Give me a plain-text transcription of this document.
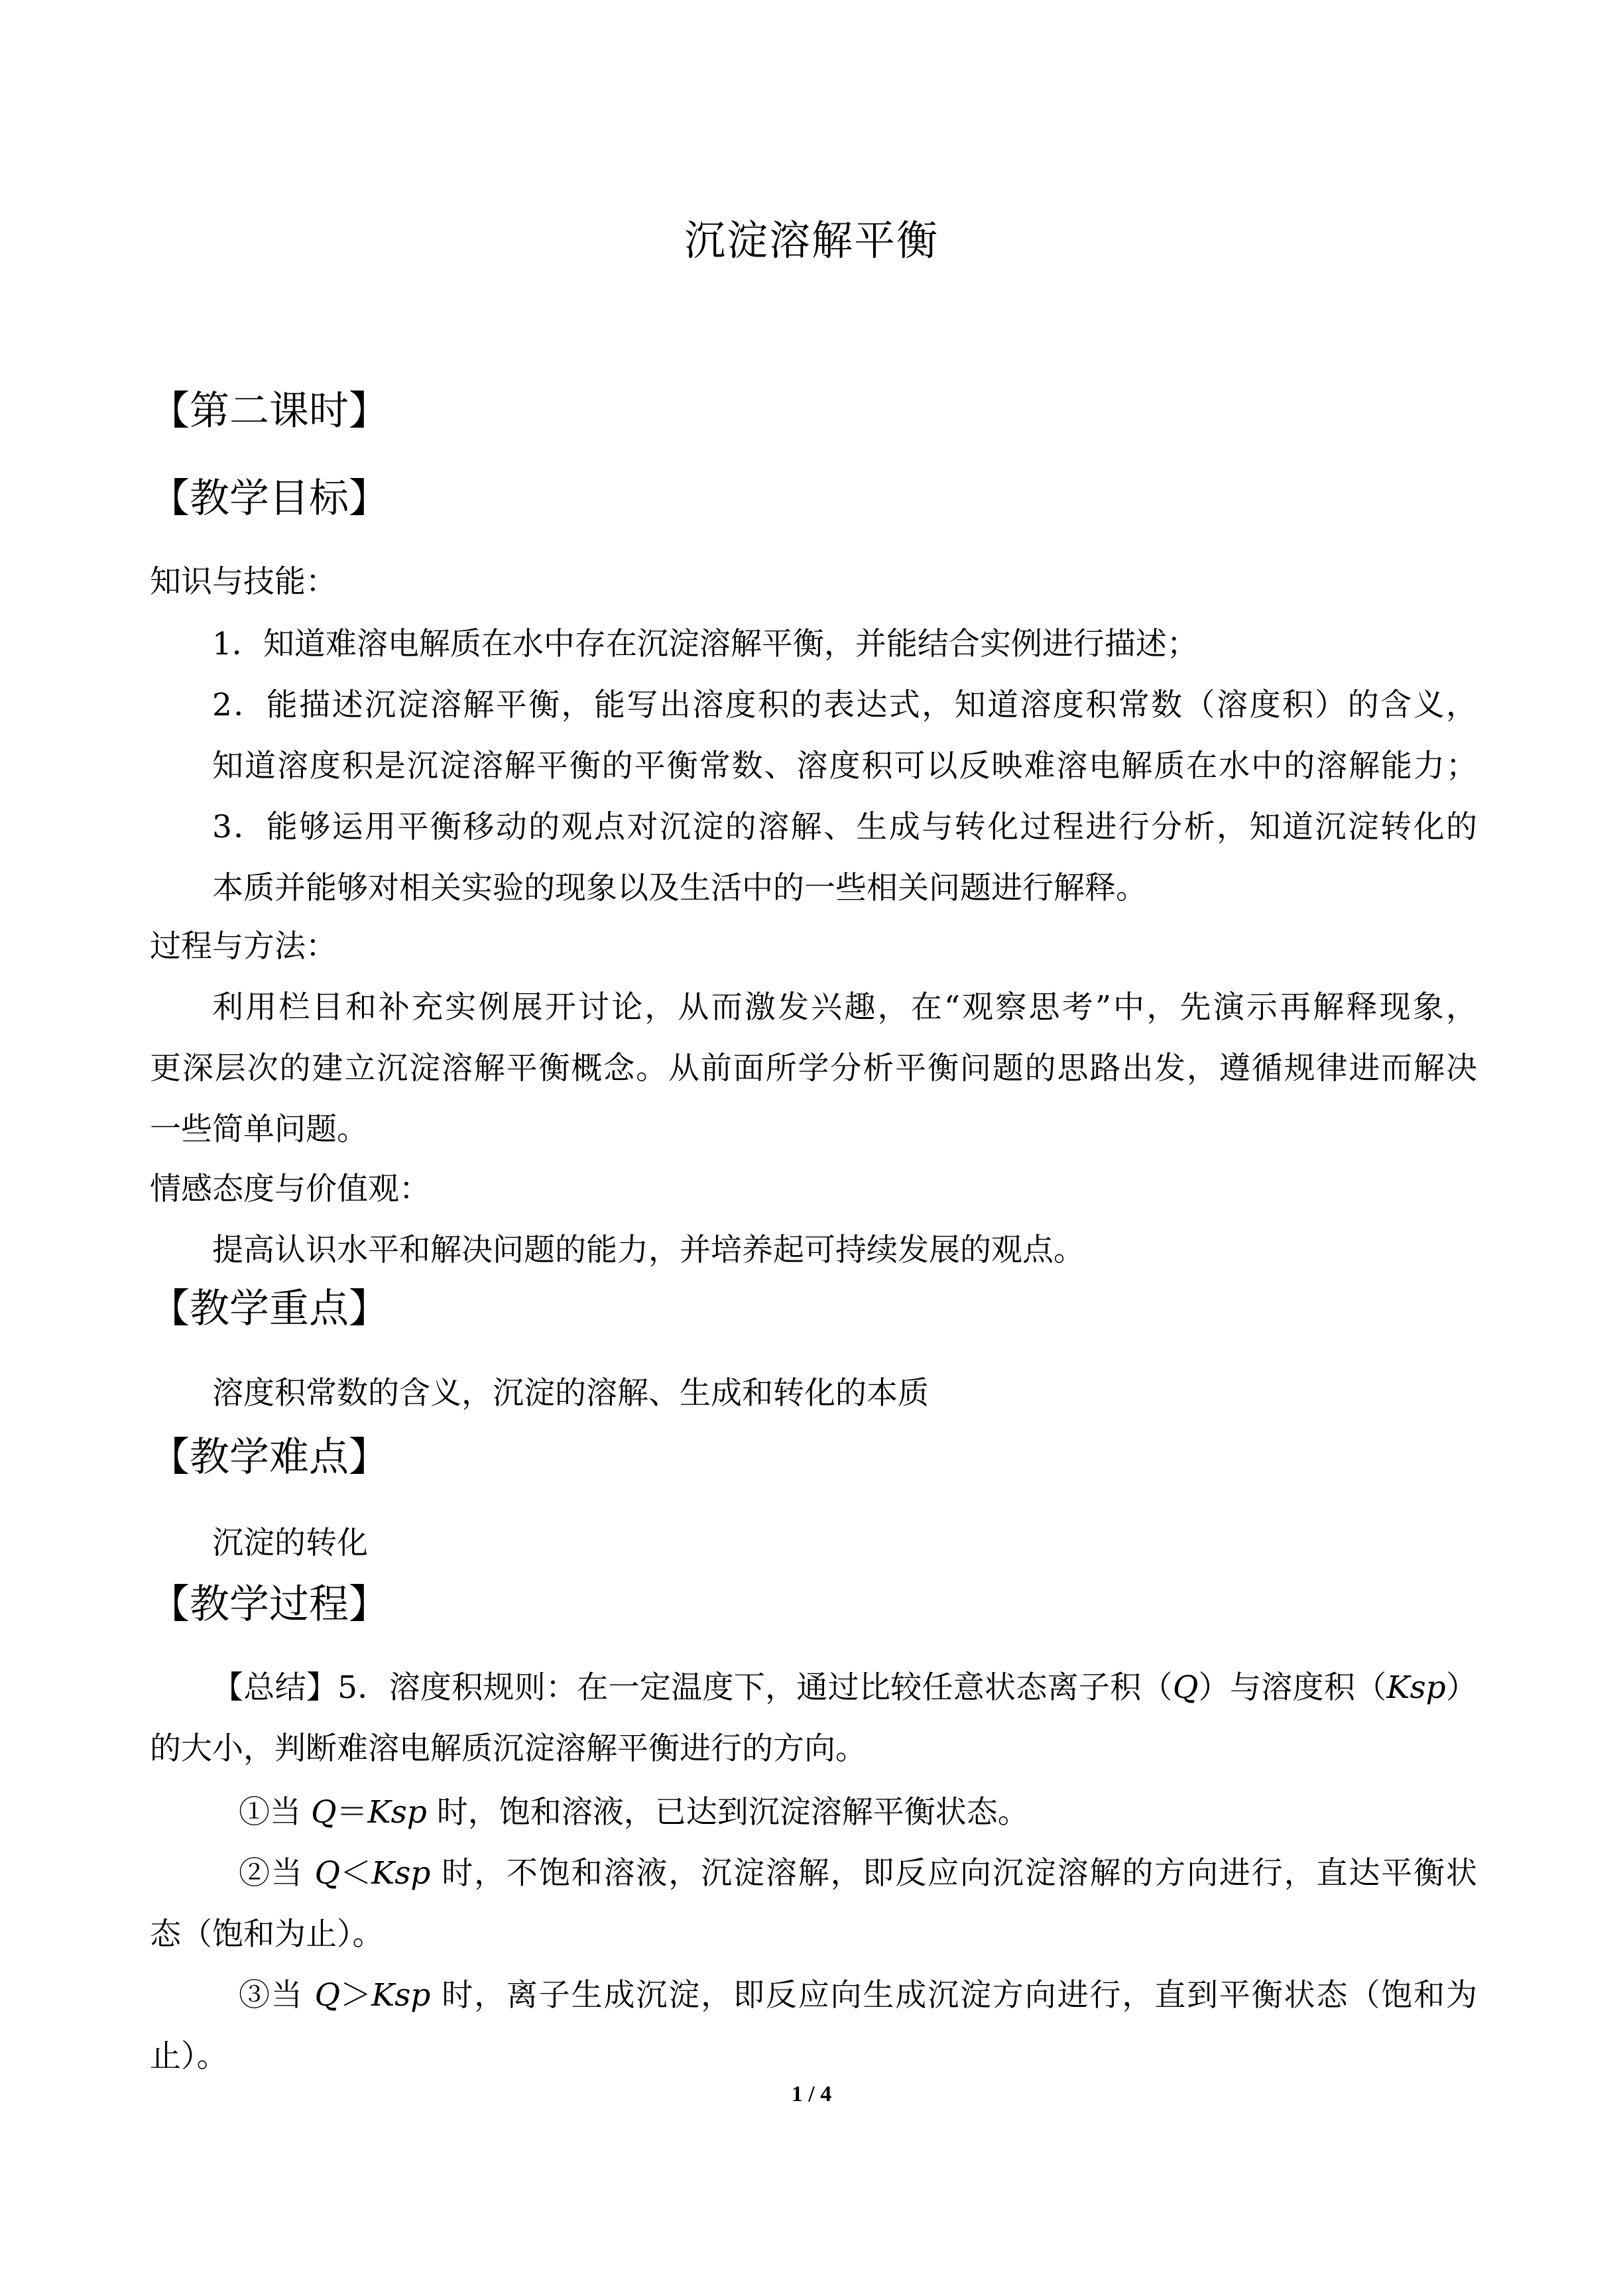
沉淀溶解平衡
【第二课时】
【教学目标】
知识与技能：
1．知道难溶电解质在水中存在沉淀溶解平衡，并能结合实例进行描述；
2．能描述沉淀溶解平衡，能写出溶度积的表达式，知道溶度积常数（溶度积）的含义，
知道溶度积是沉淀溶解平衡的平衡常数、溶度积可以反映难溶电解质在水中的溶解能力；
3．能够运用平衡移动的观点对沉淀的溶解、生成与转化过程进行分析，知道沉淀转化的
本质并能够对相关实验的现象以及生活中的一些相关问题进行解释。
过程与方法：
利用栏目和补充实例展开讨论，从而激发兴趣，在“观察思考”中，先演示再解释现象，
更深层次的建立沉淀溶解平衡概念。从前面所学分析平衡问题的思路出发，遵循规律进而解决
一些简单问题。
情感态度与价值观：
提高认识水平和解决问题的能力，并培养起可持续发展的观点。
【教学重点】
溶度积常数的含义，沉淀的溶解、生成和转化的本质
【教学难点】
沉淀的转化
【教学过程】
【总结】5．溶度积规则：在一定温度下，通过比较任意状态离子积（Q）与溶度积（Ksp）
的大小，判断难溶电解质沉淀溶解平衡进行的方向。
①当 Q＝Ksp 时，饱和溶液，已达到沉淀溶解平衡状态。
②当 Q＜Ksp 时，不饱和溶液，沉淀溶解，即反应向沉淀溶解的方向进行，直达平衡状
态（饱和为止）。
③当 Q＞Ksp 时，离子生成沉淀，即反应向生成沉淀方向进行，直到平衡状态（饱和为
止）。
1 / 4
